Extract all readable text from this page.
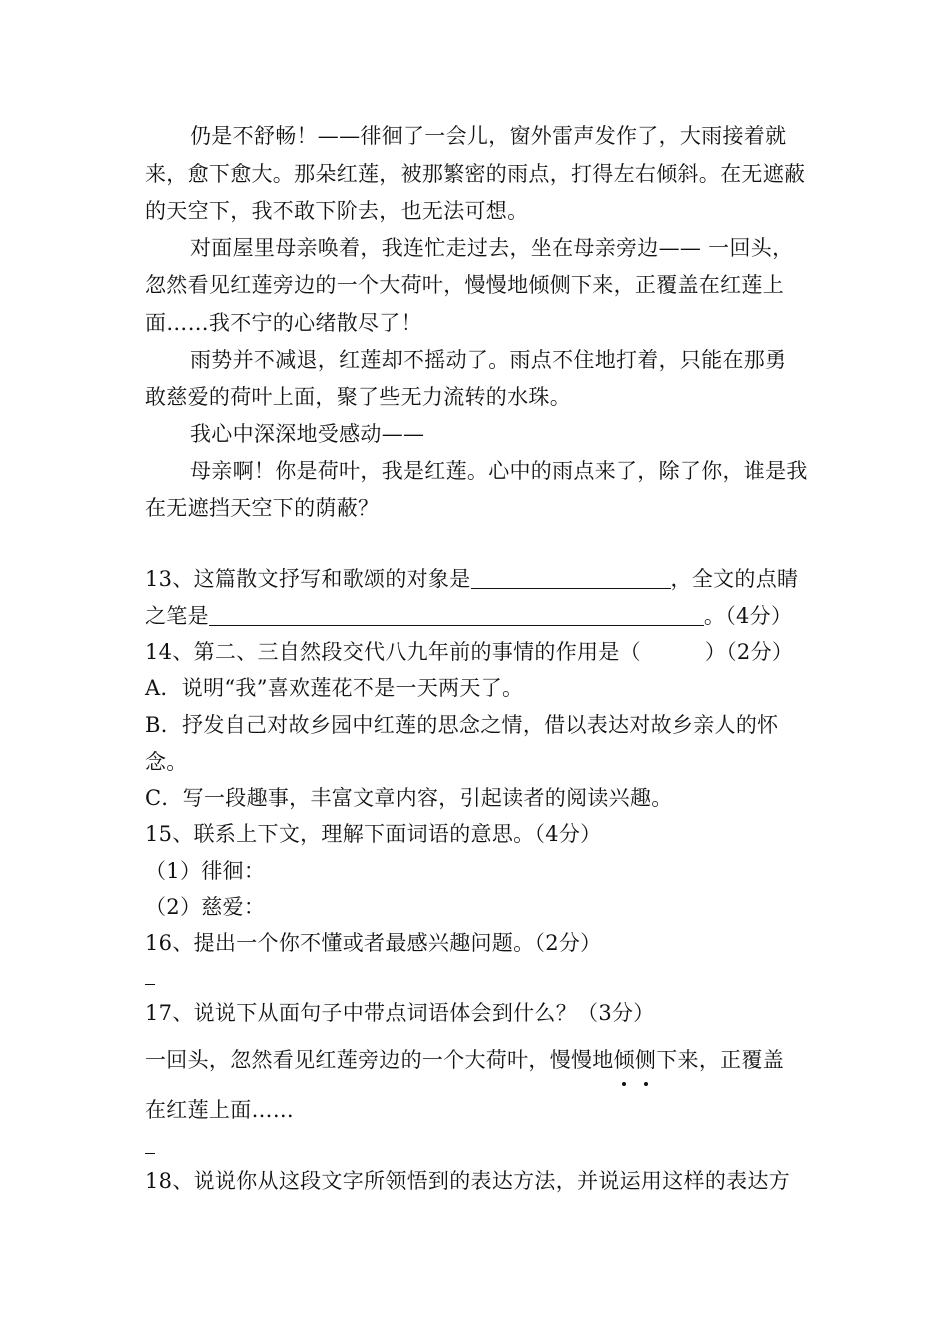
仍是不舒畅！——徘徊了一会儿，窗外雷声发作了，大雨接着就
来，愈下愈大。那朵红莲，被那繁密的雨点，打得左右倾斜。在无遮蔽
的天空下，我不敢下阶去，也无法可想。
对面屋里母亲唤着，我连忙走过去，坐在母亲旁边—— 一回头，
忽然看见红莲旁边的一个大荷叶，慢慢地倾侧下来，正覆盖在红莲上
面……我不宁的心绪散尽了！
雨势并不减退，红莲却不摇动了。雨点不住地打着，只能在那勇
敢慈爱的荷叶上面，聚了些无力流转的水珠。
我心中深深地受感动——
母亲啊！你是荷叶，我是红莲。心中的雨点来了，除了你，谁是我
在无遮挡天空下的荫蔽？
13、这篇散文抒写和歌颂的对象是	，全文的点睛
之笔是	。（4分）
14、第二、三自然段交代八九年前的事情的作用是（　　　）（2分）
A．说明“我”喜欢莲花不是一天两天了。
B．抒发自己对故乡园中红莲的思念之情，借以表达对故乡亲人的怀
念。
C．写一段趣事，丰富文章内容，引起读者的阅读兴趣。
15、联系上下文，理解下面词语的意思。（4分）
（1）徘徊：
（2）慈爱：
16、提出一个你不懂或者最感兴趣问题。（2分）
17、说说下从面句子中带点词语体会到什么？（3分）
一回头，忽然看见红莲旁边的一个大荷叶，慢慢地倾侧下来，正覆盖
在红莲上面……
18、说说你从这段文字所领悟到的表达方法，并说运用这样的表达方
